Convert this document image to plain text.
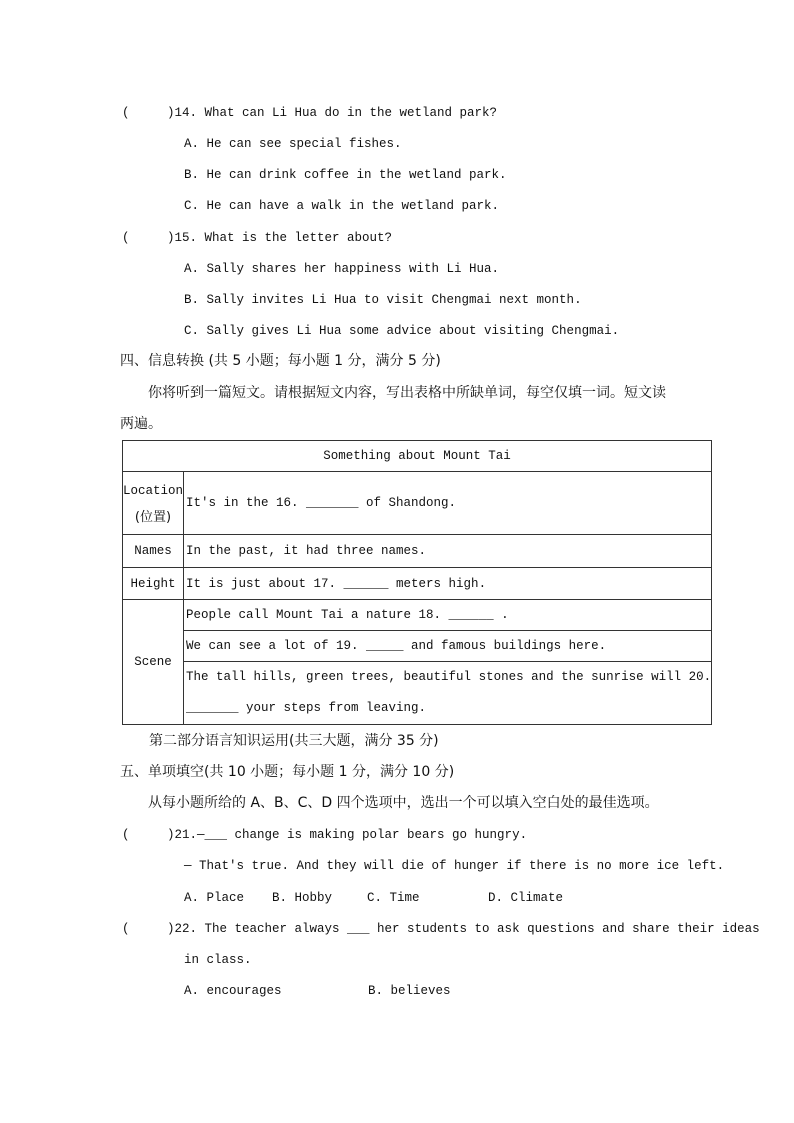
(     )14. What can Li Hua do in the wetland park?
A. He can see special fishes.
B. He can drink coffee in the wetland park.
C. He can have a walk in the wetland park.
(     )15. What is the letter about?
A. Sally shares her happiness with Li Hua.
B. Sally invites Li Hua to visit Chengmai next month.
C. Sally gives Li Hua some advice about visiting Chengmai.
四、信息转换 (共 5 小题；每小题 1 分，满分 5 分)
你将听到一篇短文。请根据短文内容，写出表格中所缺单词，每空仅填一词。短文读
两遍。
Something about Mount Tai	

Location
(位置)	It's in the 16. _______ of Shandong.
Names	In the past, it had three names.
Height	It is just about 17. ______ meters high.
Scene	People call Mount Tai a nature 18. ______ .
	We can see a lot of 19. _____ and famous buildings here.

	The tall hills, green trees, beautiful stones and the sunrise will 20.
_______ your steps from leaving.
第二部分语言知识运用(共三大题，满分 35 分)
五、单项填空(共 10 小题；每小题 1 分，满分 10 分)
从每小题所给的 A、B、C、D 四个选项中，选出一个可以填入空白处的最佳选项。
(     )21.—___ change is making polar bears go hungry.
— That's true. And they will die of hunger if there is no more ice left.
A. Place B. Hobby	C. Time	D. Climate
(     )22. The teacher always ___ her students to ask questions and share their ideas
in class.
A. encourages	B. believes
